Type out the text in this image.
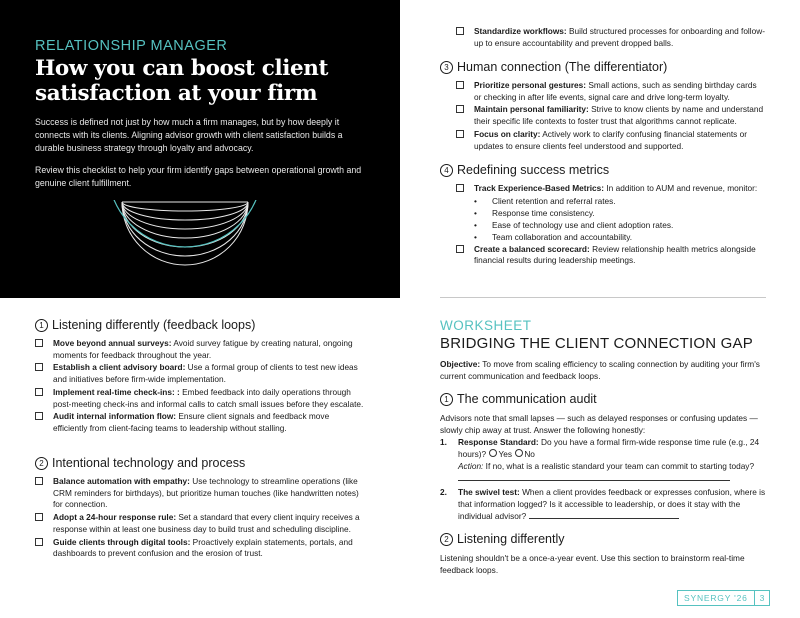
RELATIONSHIP MANAGER
How you can boost client
satisfaction at your firm

Success is defined not just by how much a firm manages, but by how deeply it connects with its clients. Aligning advisor growth with client satisfaction builds a durable business strategy through loyalty and advocacy.

Review this checklist to help your firm identify gaps between operational growth and genuine client fulfillment.

1 Listening differently (feedback loops)
Move beyond annual surveys: Avoid survey fatigue by creating natural, ongoing moments for feedback throughout the year.
Establish a client advisory board: Use a formal group of clients to test new ideas and initiatives before firm-wide implementation.
Implement real-time check-ins: : Embed feedback into daily operations through post-meeting check-ins and informal calls to catch small issues before they escalate.
Audit internal information flow: Ensure client signals and feedback move efficiently from client-facing teams to leadership without stalling.
2 Intentional technology and process
Balance automation with empathy: Use technology to streamline operations (like CRM reminders for birthdays), but prioritize human touches (like handwritten notes) for connection.
Adopt a 24-hour response rule: Set a standard that every client inquiry receives a response within at least one business day to build trust and scheduling discipline.
Guide clients through digital tools: Proactively explain statements, portals, and dashboards to prevent confusion and the erosion of trust.
Standardize workflows: Build structured processes for onboarding and follow-up to ensure accountability and prevent dropped balls.
3 Human connection (The differentiator)
Prioritize personal gestures: Small actions, such as sending birthday cards or checking in after life events, signal care and drive long-term loyalty.
Maintain personal familiarity: Strive to know clients by name and understand their specific life contexts to foster trust that algorithms cannot replicate.
Focus on clarity: Actively work to clarify confusing financial statements or updates to ensure clients feel understood and supported.
4 Redefining success metrics
Track Experience-Based Metrics: In addition to AUM and revenue, monitor:
• Client retention and referral rates.
• Response time consistency.
• Ease of technology use and client adoption rates.
• Team collaboration and accountability.
Create a balanced scorecard: Review relationship health metrics alongside financial results during leadership meetings.
WORKSHEET
BRIDGING THE CLIENT CONNECTION GAP

Objective: To move from scaling efficiency to scaling connection by auditing your firm's current communication and feedback loops.

1 The communication audit

Advisors note that small lapses — such as delayed responses or confusing updates — slowly chip away at trust. Answer the following honestly:

1. Response Standard: Do you have a formal firm-wide response time rule (e.g., 24 hours)? Yes No
Action: If no, what is a realistic standard your team can commit to starting today?
2. The swivel test: When a client provides feedback or expresses confusion, where is that information logged? Is it accessible to leadership, or does it stay with the individual advisor?
2 Listening differently

Listening shouldn't be a once-a-year event. Use this section to brainstorm real-time feedback loops.

SYNERGY '26	3
